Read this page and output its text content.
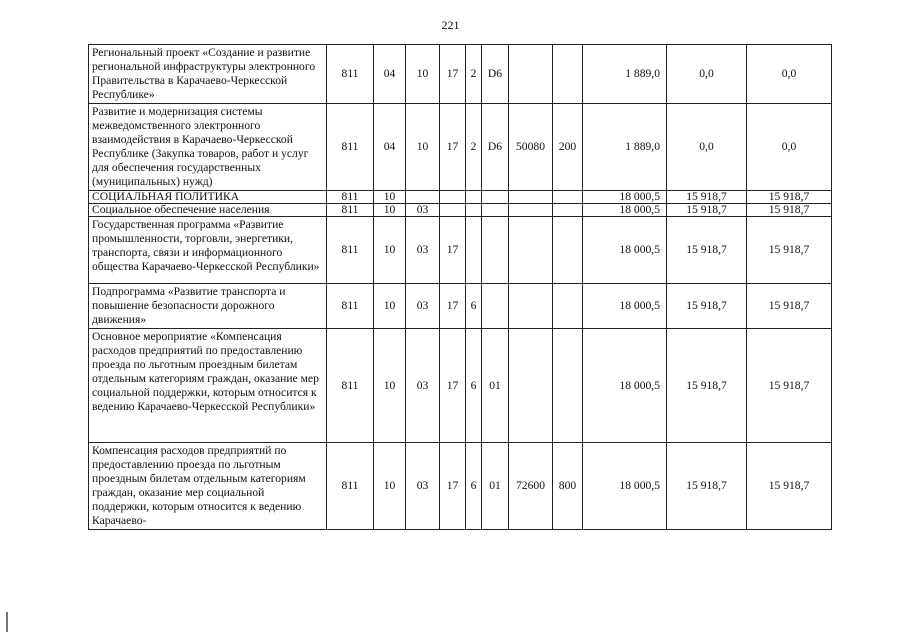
221
Региональный проект «Создание и развитие региональной инфраструктуры электронного Правительства в Карачаево-Черкесской Республике»	811	04	10	17	2	D6			1 889,0	0,0	0,0
Развитие и модернизация системы межведомственного электронного взаимодействия в Карачаево-Черкесской Республике (Закупка товаров, работ и услуг для обеспечения государственных (муниципальных) нужд)	811	04	10	17	2	D6	50080	200	1 889,0	0,0	0,0
СОЦИАЛЬНАЯ ПОЛИТИКА	811	10							18 000,5	15 918,7	15 918,7
Социальное обеспечение населения	811	10	03						18 000,5	15 918,7	15 918,7
Государственная программа «Развитие промышленности, торговли, энергетики, транспорта, связи и информационного общества Карачаево-Черкесской Республики»	811	10	03	17					18 000,5	15 918,7	15 918,7
Подпрограмма «Развитие транспорта и повышение безопасности дорожного движения»	811	10	03	17	6				18 000,5	15 918,7	15 918,7
Основное мероприятие «Компенсация расходов предприятий по предоставлению проезда по льготным проездным билетам отдельным категориям граждан, оказание мер социальной поддержки, которым относится к ведению Карачаево-Черкесской Республики»	811	10	03	17	6	01			18 000,5	15 918,7	15 918,7
Компенсация расходов предприятий по предоставлению проезда по льготным проездным билетам отдельным категориям граждан, оказание мер социальной поддержки, которым относится к ведению Карачаево-	811	10	03	17	6	01	72600	800	18 000,5	15 918,7	15 918,7
